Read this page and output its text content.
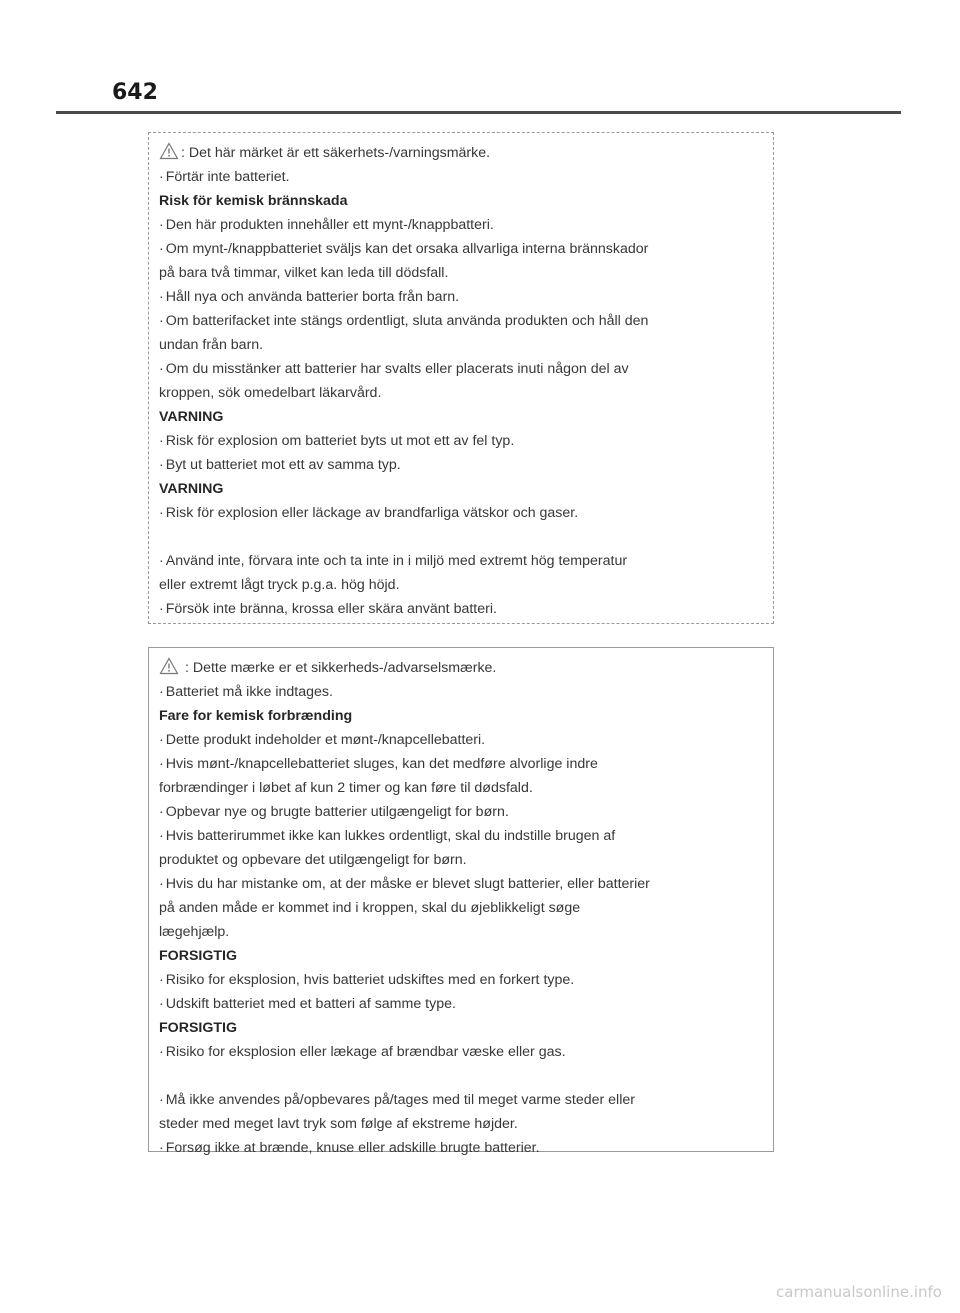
642
: Det här märket är ett säkerhets-/varningsmärke.
· Förtär inte batteriet.
Risk för kemisk brännskada
· Den här produkten innehåller ett mynt-/knappbatteri.
· Om mynt-/knappbatteriet sväljs kan det orsaka allvarliga interna brännskador
på bara två timmar, vilket kan leda till dödsfall.
· Håll nya och använda batterier borta från barn.
· Om batterifacket inte stängs ordentligt, sluta använda produkten och håll den
undan från barn.
· Om du misstänker att batterier har svalts eller placerats inuti någon del av
kroppen, sök omedelbart läkarvård.
VARNING
· Risk för explosion om batteriet byts ut mot ett av fel typ.
· Byt ut batteriet mot ett av samma typ.
VARNING
· Risk för explosion eller läckage av brandfarliga vätskor och gaser.
· Använd inte, förvara inte och ta inte in i miljö med extremt hög temperatur
eller extremt lågt tryck p.g.a. hög höjd.
· Försök inte bränna, krossa eller skära använt batteri.
: Dette mærke er et sikkerheds-/advarselsmærke.
· Batteriet må ikke indtages.
Fare for kemisk forbrænding
· Dette produkt indeholder et mønt-/knapcellebatteri.
· Hvis mønt-/knapcellebatteriet sluges, kan det medføre alvorlige indre
forbrændinger i løbet af kun 2 timer og kan føre til dødsfald.
· Opbevar nye og brugte batterier utilgængeligt for børn.
· Hvis batterirummet ikke kan lukkes ordentligt, skal du indstille brugen af
produktet og opbevare det utilgængeligt for børn.
· Hvis du har mistanke om, at der måske er blevet slugt batterier, eller batterier
på anden måde er kommet ind i kroppen, skal du øjeblikkeligt søge
lægehjælp.
FORSIGTIG
· Risiko for eksplosion, hvis batteriet udskiftes med en forkert type.
· Udskift batteriet med et batteri af samme type.
FORSIGTIG
· Risiko for eksplosion eller lækage af brændbar væske eller gas.
· Må ikke anvendes på/opbevares på/tages med til meget varme steder eller
steder med meget lavt tryk som følge af ekstreme højder.
· Forsøg ikke at brænde, knuse eller adskille brugte batterier.
carmanualsonline.info
